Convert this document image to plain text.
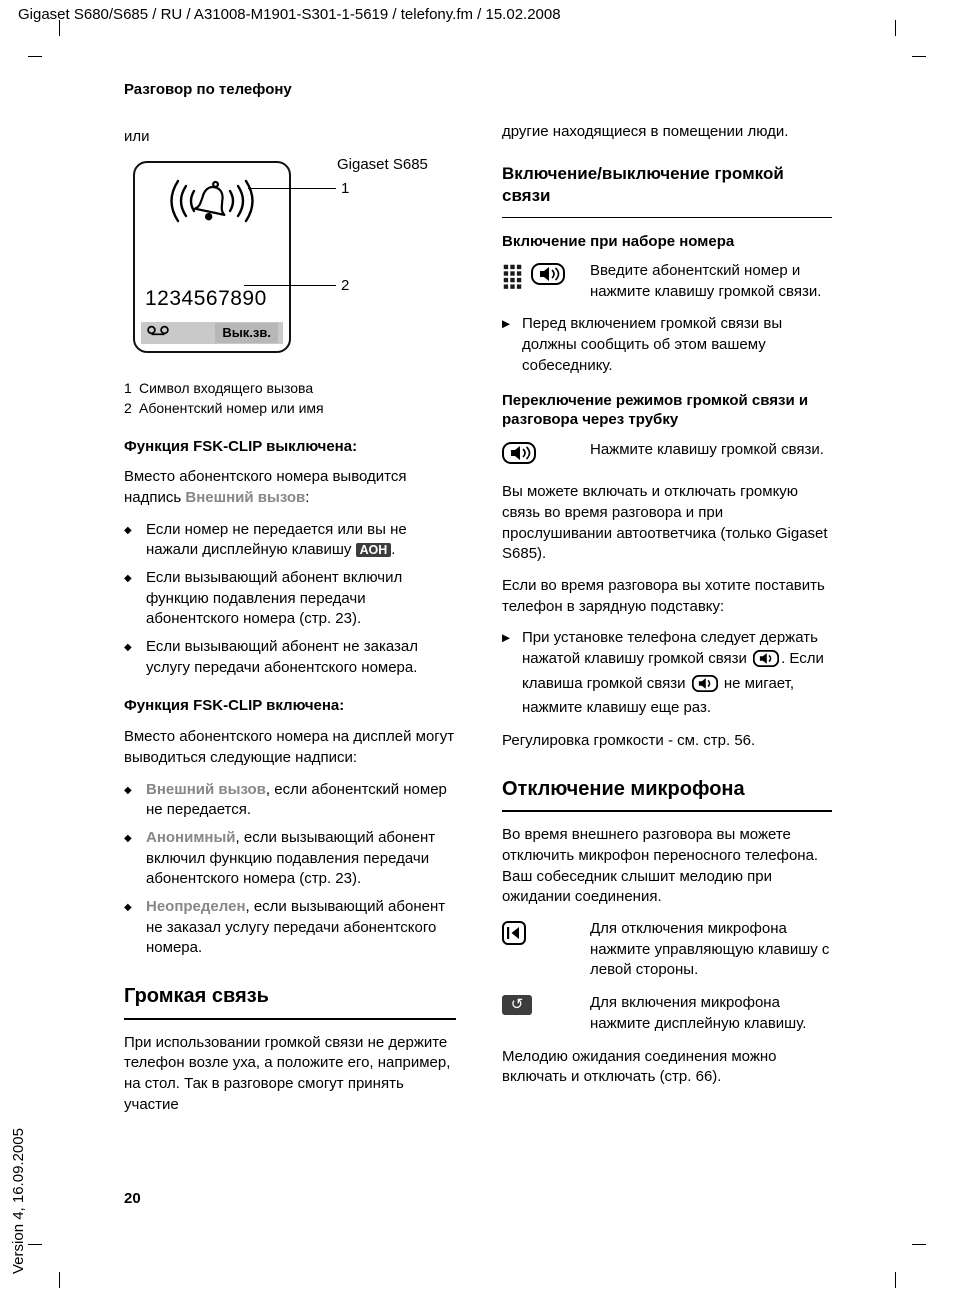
Gigaset S680/S685 / RU / A31008-M1901-S301-1-5619 / telefony.fm / 15.02.2008
Version 4, 16.09.2005	20
Разговор по телефону

или

1234567890
Вык.зв.
Gigaset S685
1
2
1 Символ входящего вызова
2 Абонентский номер или имя
Функция FSK-CLIP выключена:

Вместо абонентского номера выводится надпись Внешний вызов:

◆ Если номер не передается или вы не нажали дисплейную клавишу АОН .
◆ Если вызывающий абонент включил функцию подавления передачи абонентского номера (стр. 23).
◆ Если вызывающий абонент не заказал услугу передачи абонентского номера.
Функция FSK-CLIP включена:

Вместо абонентского номера на дисплей могут выводиться следующие надписи:

◆ Внешний вызов, если абонентский номер не передается.
◆ Анонимный, если вызывающий абонент включил функцию подавления передачи абонентского номера (стр. 23).
◆ Неопределен, если вызывающий абонент не заказал услугу передачи абонентского номера.
Громкая связь

При использовании громкой связи не держите телефон возле уха, а положите его, например, на стол. Так в разговоре смогут принять участие

другие находящиеся в помещении люди.

Включение/выключение громкой связи
Включение при наборе номера
Введите абонентский номер и нажмите клавишу громкой связи.
▶ Перед включением громкой связи вы должны сообщить об этом вашему собеседнику.
Переключение режимов громкой связи и разговора через трубку
Нажмите клавишу громкой связи.

Вы можете включать и отключать громкую связь во время разговора и при прослушивании автоответчика (только Gigaset S685).

Если во время разговора вы хотите поставить телефон в зарядную подставку:

▶ При установке телефона следует держать нажатой клавишу громкой связи . Если клавиша громкой связи  не мигает, нажмите клавишу еще раз.

Регулировка громкости - см. стр. 56.

Отключение микрофона

Во время внешнего разговора вы можете отключить микрофон переносного телефона. Ваш собеседник слышит мелодию при ожидании соединения.

Для отключения микрофона нажмите управляющую клавишу с левой стороны.
↺	Для включения микрофона нажмите дисплейную клавишу.

Мелодию ожидания соединения можно включать и отключать (стр. 66).
